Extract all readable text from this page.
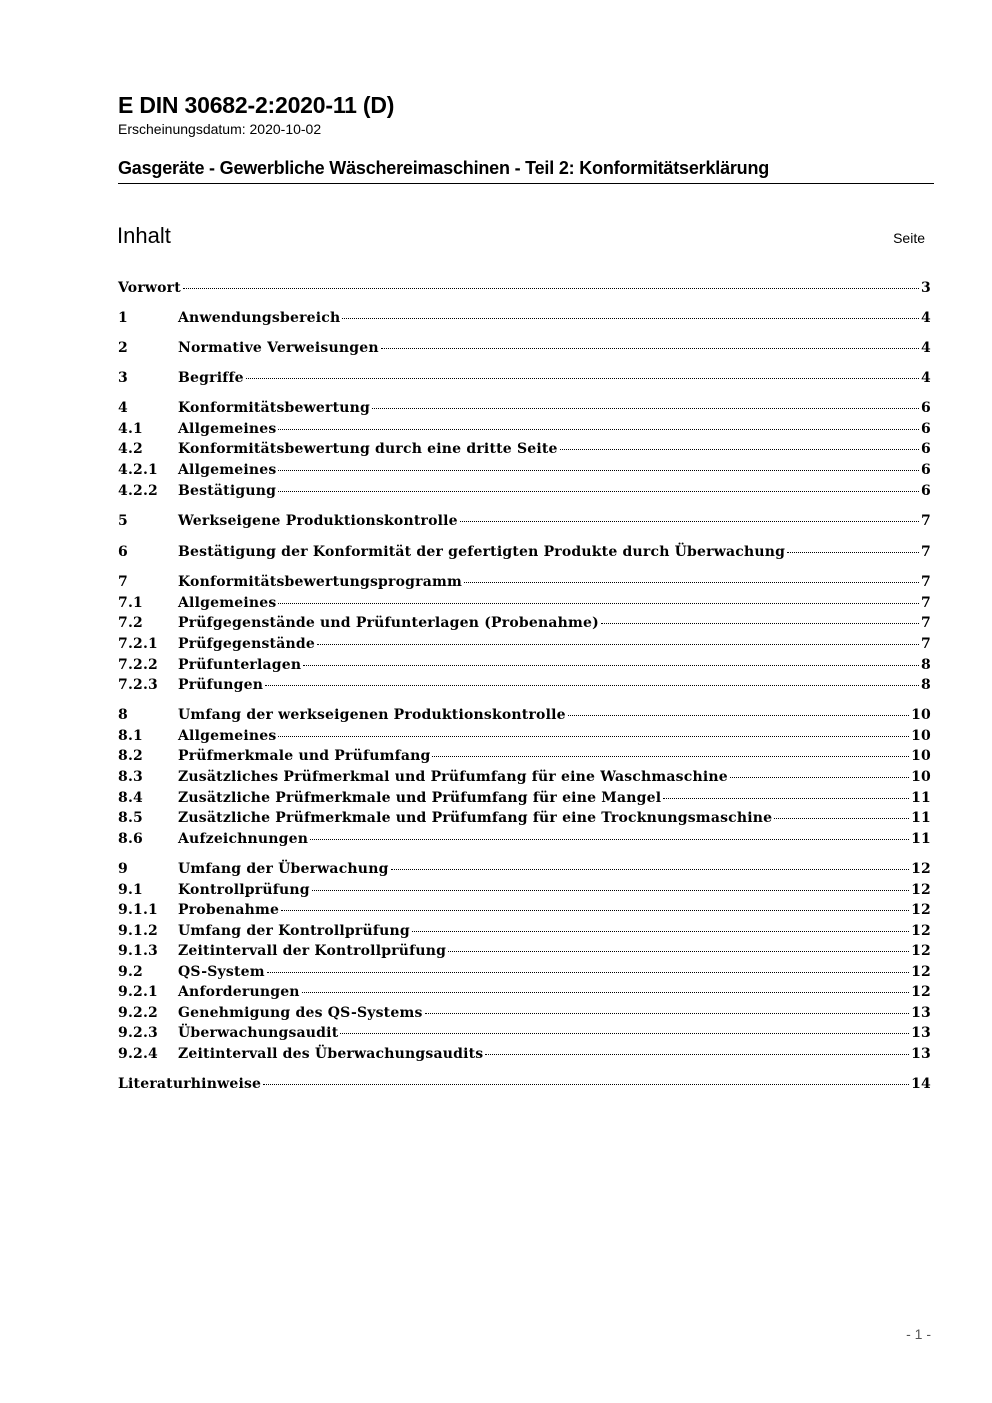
E DIN 30682-2:2020-11 (D)
Erscheinungsdatum: 2020-10-02
Gasgeräte - Gewerbliche Wäschereimaschinen - Teil 2: Konformitätserklärung
Inhalt	Seite
Vorwort	3
1	Anwendungsbereich	4
2	Normative Verweisungen	4
3	Begriffe	4
4	Konformitätsbewertung	6
4.1	Allgemeines	6
4.2	Konformitätsbewertung durch eine dritte Seite	6
4.2.1	Allgemeines	6
4.2.2	Bestätigung	6
5	Werkseigene Produktionskontrolle	7
6	Bestätigung der Konformität der gefertigten Produkte durch Überwachung	7
7	Konformitätsbewertungsprogramm	7
7.1	Allgemeines	7
7.2	Prüfgegenstände und Prüfunterlagen (Probenahme)	7
7.2.1	Prüfgegenstände	7
7.2.2	Prüfunterlagen	8
7.2.3	Prüfungen	8
8	Umfang der werkseigenen Produktionskontrolle	10
8.1	Allgemeines	10
8.2	Prüfmerkmale und Prüfumfang	10
8.3	Zusätzliches Prüfmerkmal und Prüfumfang für eine Waschmaschine	10
8.4	Zusätzliche Prüfmerkmale und Prüfumfang für eine Mangel	11
8.5	Zusätzliche Prüfmerkmale und Prüfumfang für eine Trocknungsmaschine	11
8.6	Aufzeichnungen	11
9	Umfang der Überwachung	12
9.1	Kontrollprüfung	12
9.1.1	Probenahme	12
9.1.2	Umfang der Kontrollprüfung	12
9.1.3	Zeitintervall der Kontrollprüfung	12
9.2	QS-System	12
9.2.1	Anforderungen	12
9.2.2	Genehmigung des QS-Systems	13
9.2.3	Überwachungsaudit	13
9.2.4	Zeitintervall des Überwachungsaudits	13
Literaturhinweise	14
- 1 -
